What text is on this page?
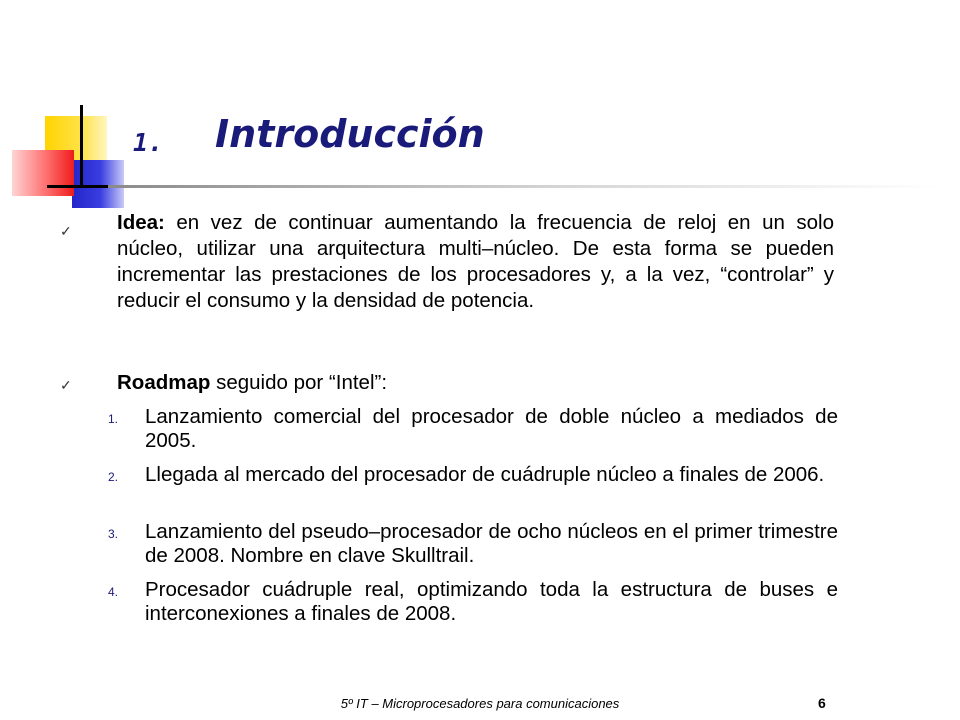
1. Introducción
✓ Idea: en vez de continuar aumentando la frecuencia de reloj en un solo núcleo, utilizar una arquitectura multi–núcleo. De esta forma se pueden incrementar las prestaciones de los procesadores y, a la vez, “controlar” y reducir el consumo y la densidad de potencia.
✓ Roadmap seguido por “Intel”:
1. Lanzamiento comercial del procesador de doble núcleo a mediados de 2005.
2. Llegada al mercado del procesador de cuádruple núcleo a finales de 2006.
3. Lanzamiento del pseudo–procesador de ocho núcleos en el primer trimestre de 2008. Nombre en clave Skulltrail.
4. Procesador cuádruple real, optimizando toda la estructura de buses e interconexiones a finales de 2008.
5º IT – Microprocesadores para comunicaciones	6
